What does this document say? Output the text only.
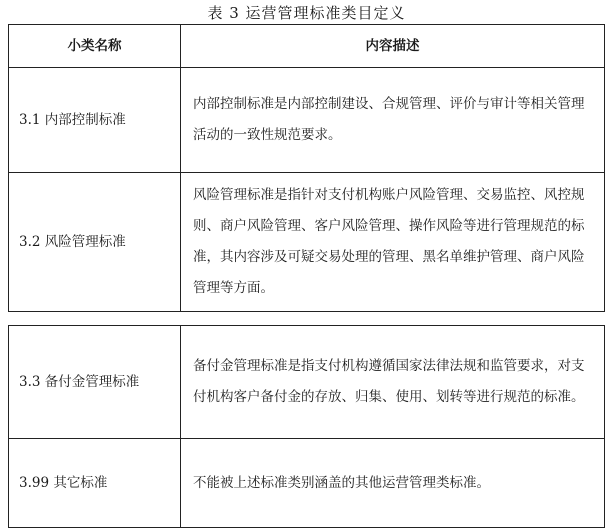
表 3 运营管理标准类目定义
小类名称	内容描述
3.1 内部控制标准	内部控制标准是内部控制建设、合规管理、评价与审计等相关管理活动的一致性规范要求。
3.2 风险管理标准	风险管理标准是指针对支付机构账户风险管理、交易监控、风控规则、商户风险管理、客户风险管理、操作风险等进行管理规范的标准，其内容涉及可疑交易处理的管理、黑名单维护管理、商户风险管理等方面。
3.3 备付金管理标准	备付金管理标准是指支付机构遵循国家法律法规和监管要求，对支付机构客户备付金的存放、归集、使用、划转等进行规范的标准。
3.99 其它标准	不能被上述标准类别涵盖的其他运营管理类标准。
